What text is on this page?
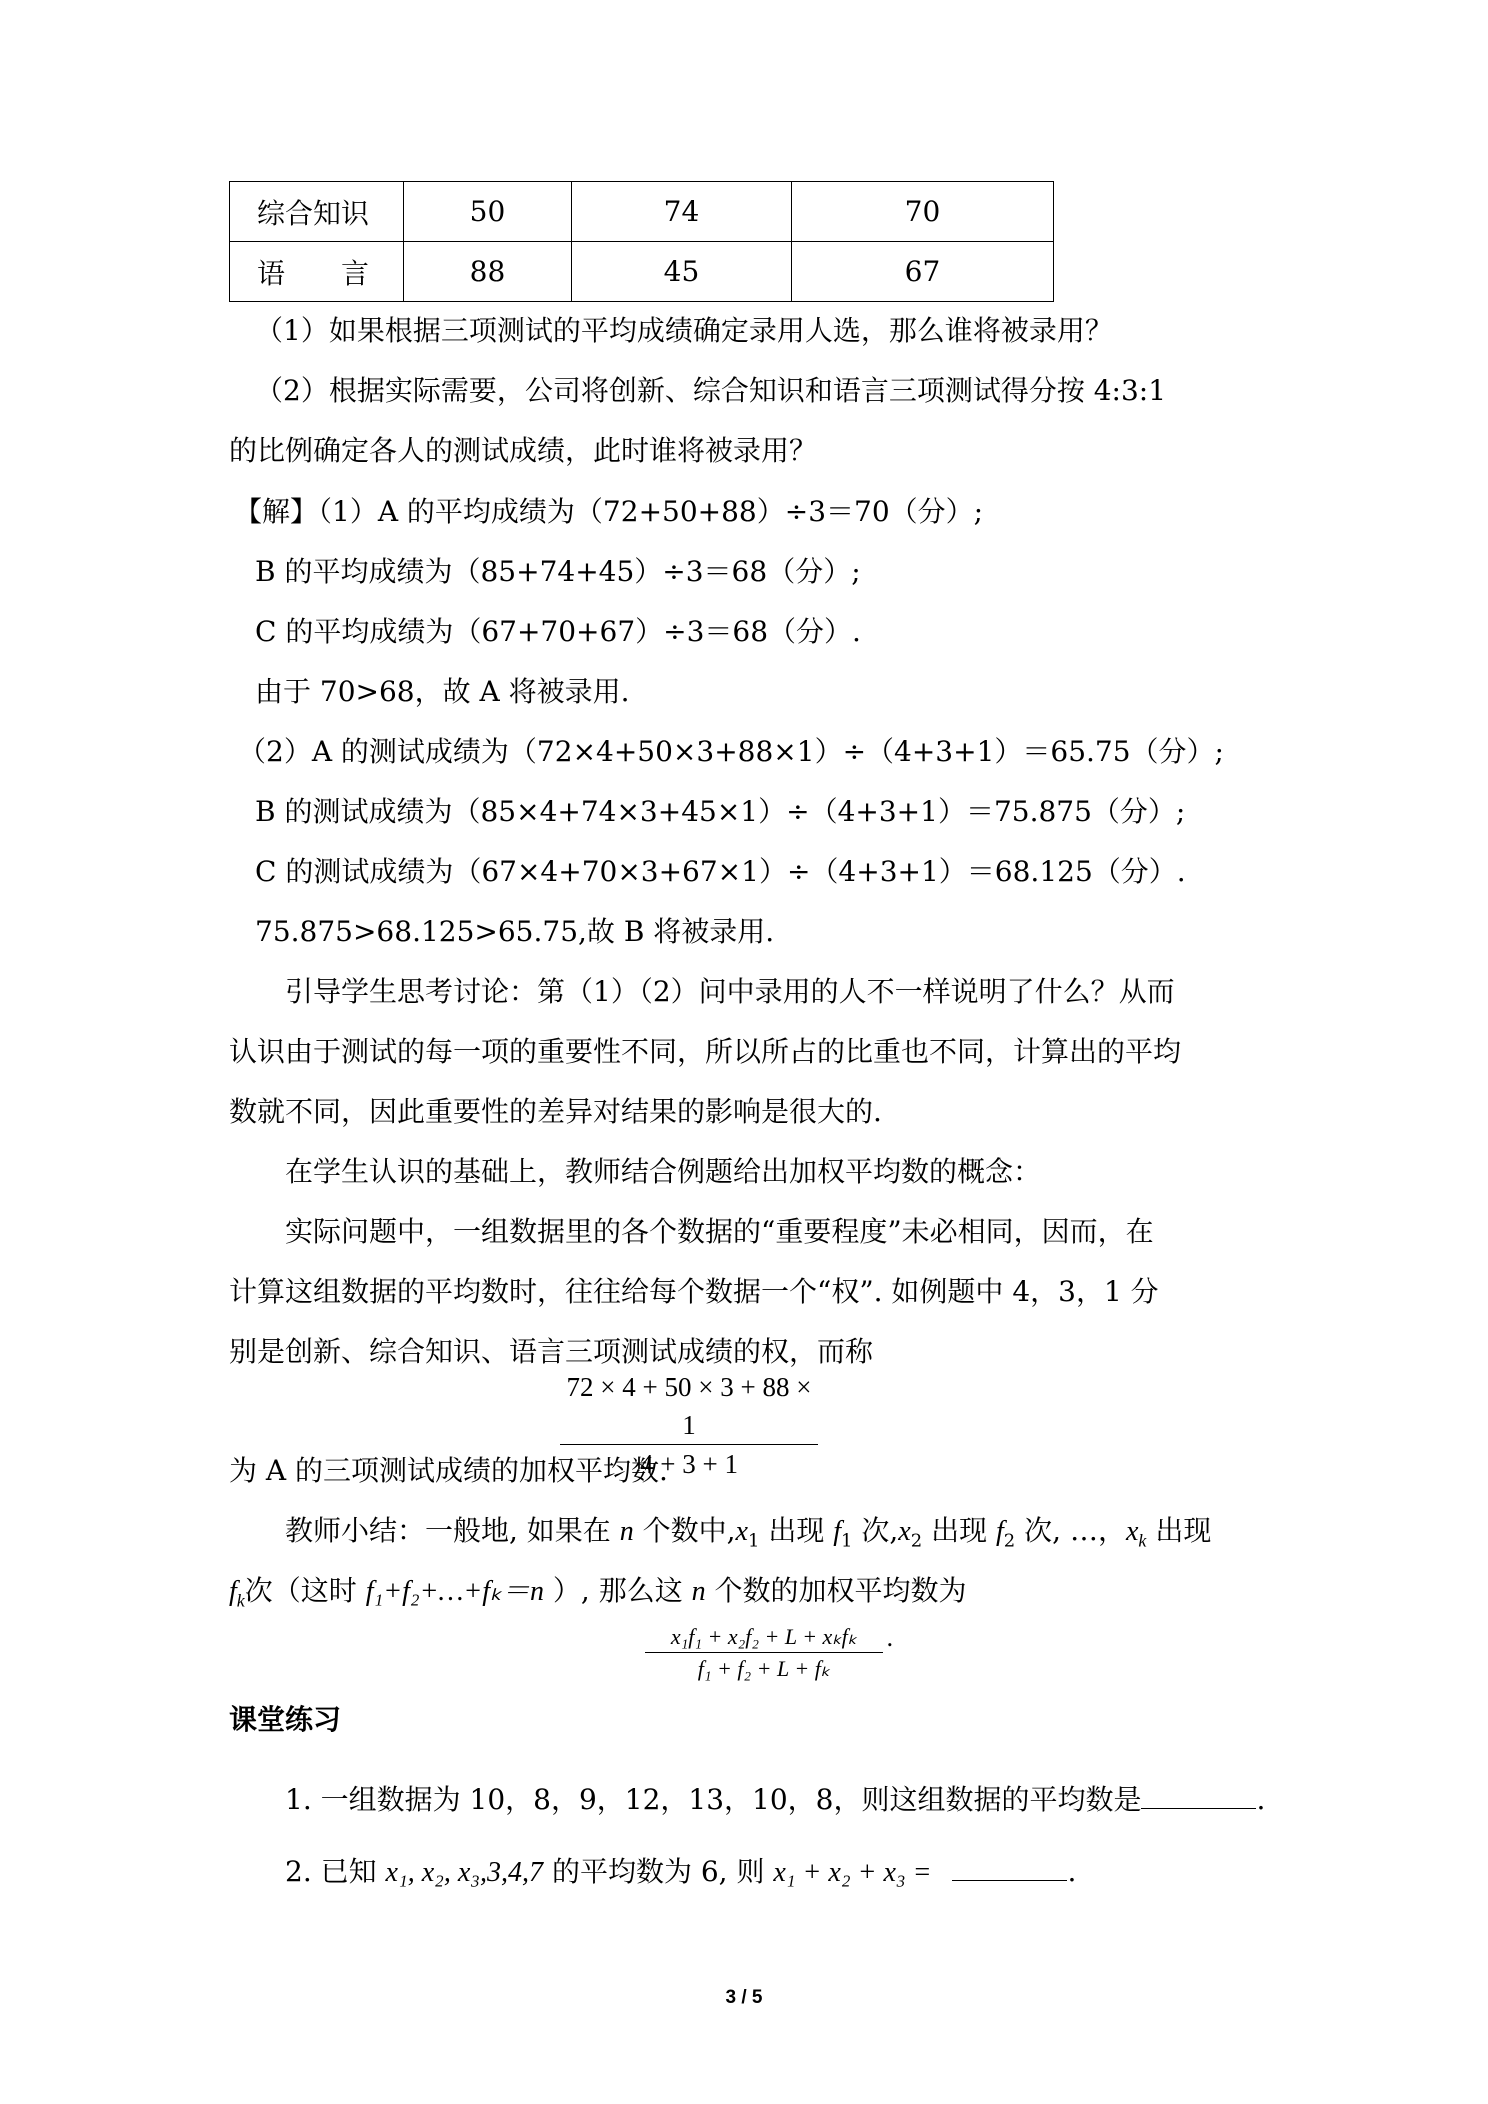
综合知识	50	74	70
语　　言	88	45	67
（1）如果根据三项测试的平均成绩确定录用人选，那么谁将被录用？
（2）根据实际需要，公司将创新、综合知识和语言三项测试得分按 4:3:1
的比例确定各人的测试成绩，此时谁将被录用？
【解】（1）A 的平均成绩为（72+50+88）÷3＝70（分）;
B 的平均成绩为（85+74+45）÷3＝68（分）;
C 的平均成绩为（67+70+67）÷3＝68（分）.
由于 70>68，故 A 将被录用.
（2）A 的测试成绩为（72×4+50×3+88×1）÷（4+3+1）＝65.75（分）;
B 的测试成绩为（85×4+74×3+45×1）÷（4+3+1）＝75.875（分）;
C 的测试成绩为（67×4+70×3+67×1）÷（4+3+1）＝68.125（分）.
75.875>68.125>65.75,故 B 将被录用.
引导学生思考讨论：第（1）（2）问中录用的人不一样说明了什么？从而
认识由于测试的每一项的重要性不同，所以所占的比重也不同，计算出的平均
数就不同，因此重要性的差异对结果的影响是很大的.
在学生认识的基础上，教师结合例题给出加权平均数的概念：
实际问题中，一组数据里的各个数据的“重要程度”未必相同，因而，在
计算这组数据的平均数时，往往给每个数据一个“权”. 如例题中 4，3，1 分
别是创新、综合知识、语言三项测试成绩的权，而称
72 × 4 + 50 × 3 + 88 × 1
4 + 3 + 1
为 A 的三项测试成绩的加权平均数.
教师小结：一般地, 如果在 n 个数中$,x_1$ 出现 $f_1$ 次$,x_2$ 出现 $f_2$ 次, …，$x_k$ 出现
$f_k$次（这时 f₁+f₂+…+fₖ＝n ）, 那么这 n 个数的加权平均数为
x₁f₁ + x₂f₂ + L + xₖfₖ
f₁ + f₂ + L + fₖ
.
课堂练习
1. 一组数据为 10，8，9，12，13，10，8，则这组数据的平均数是	.
2. 已知 x₁, x₂, x₃,3,4,7 的平均数为 6, 则 x₁ + x₂ + x₃ =	.
3 / 5
